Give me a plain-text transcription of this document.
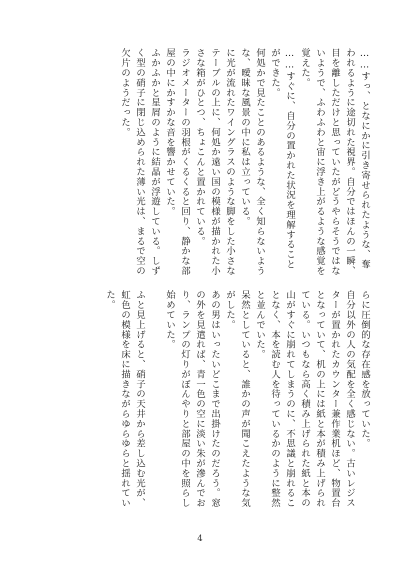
……すっ、となにかに引き寄せられたような、奪われるように途切れた視界。自分ではほんの一瞬、目を離しただけと思っていたがどうやらそうではないようで、ふわふわと宙に浮き上がるような感覚を覚えた。

……すぐに、自分の置かれた状況を理解することができた。

何処かで見たことのあるような、全く知らないような、曖昧な風景の中に私は立っている。

に光が流れたワイングラスのような脚をした小さなテーブルの上に、何処か遠い国の模様が描かれた小さな箱がひとつ、ちょこんと置かれている。

ラジオメーターの羽根がくるくると回り、静かな部屋の中にかすかな音を響かせていた。

ふかふかと星屑のように結晶が浮遊している。しずく型の硝子に閉じ込められた薄い光は、まるで空の欠片のようだった。

らに圧倒的な存在感を放っていた。

自分以外の人の気配を全く感じない。古いレジスターが置かれたカウンター兼作業机ほど、物置台となっていて、机の上には紙と本が積み上げられている。いつもなら高く積み上げられた紙と本の山がすぐに崩れてしまうのに、不思議と崩れることなく、本を読む人を待っているかのように整然と並んでいた。

呆然としていると、誰かの声が聞こえたような気がした。

あの男はいったいどこまで出掛けたのだろう。窓の外を見遣れば、青一色の空に淡い朱が滲んでおり、ランプの灯りがぼんやりと部屋の中を照らし始めていた。

ふと見上げると、硝子の天井から差し込む光が、虹色の模様を床に描きながらゆらゆらと揺れていた。

4
